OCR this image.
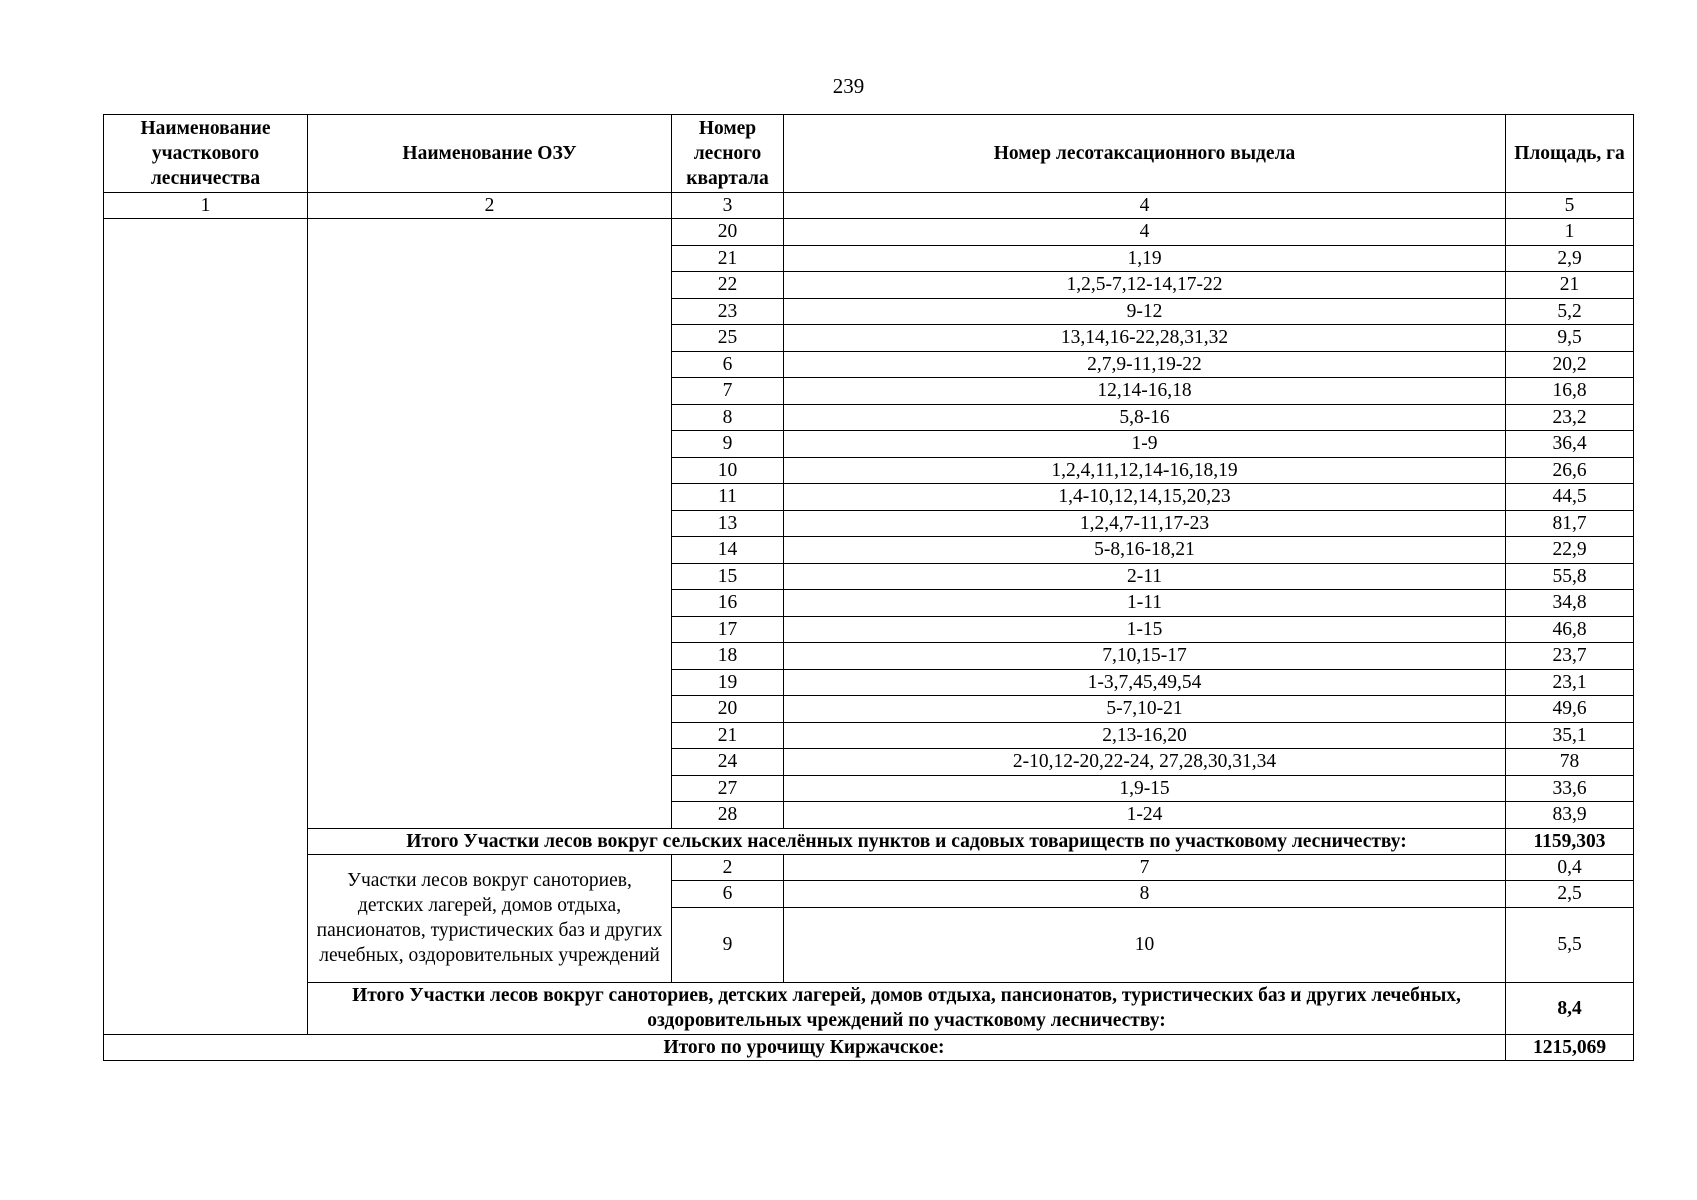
239
Наименование участкового лесничества	Наименование ОЗУ	Номер лесного квартала	Номер лесотаксационного выдела	Площадь, га
1	2	3	4	5
		20	4	1
		21	1,19	2,9
		22	1,2,5-7,12-14,17-22	21
		23	9-12	5,2
		25	13,14,16-22,28,31,32	9,5
		6	2,7,9-11,19-22	20,2
		7	12,14-16,18	16,8
		8	5,8-16	23,2
		9	1-9	36,4
		10	1,2,4,11,12,14-16,18,19	26,6
		11	1,4-10,12,14,15,20,23	44,5
		13	1,2,4,7-11,17-23	81,7
		14	5-8,16-18,21	22,9
		15	2-11	55,8
		16	1-11	34,8
		17	1-15	46,8
		18	7,10,15-17	23,7
		19	1-3,7,45,49,54	23,1
		20	5-7,10-21	49,6
		21	2,13-16,20	35,1
		24	2-10,12-20,22-24, 27,28,30,31,34	78
		27	1,9-15	33,6
		28	1-24	83,9
	Итого Участки лесов вокруг сельских населённых пунктов и садовых товариществ по участковому лесничеству:			1159,303
	Участки лесов вокруг санoториев, детских лагерей, домов отдыха, пансионатов, туристических баз и других лечебных, оздоровительных учреждений	2	7	0,4
		6	8	2,5
		9	10	5,5
	Итого Участки лесов вокруг санoториев, детских лагерей, домов отдыха, пансионатов, туристических баз и других лечебных, оздоровительных чреждений по участковому лесничеству:			8,4
Итого по урочищу Киржачское:				1215,069
